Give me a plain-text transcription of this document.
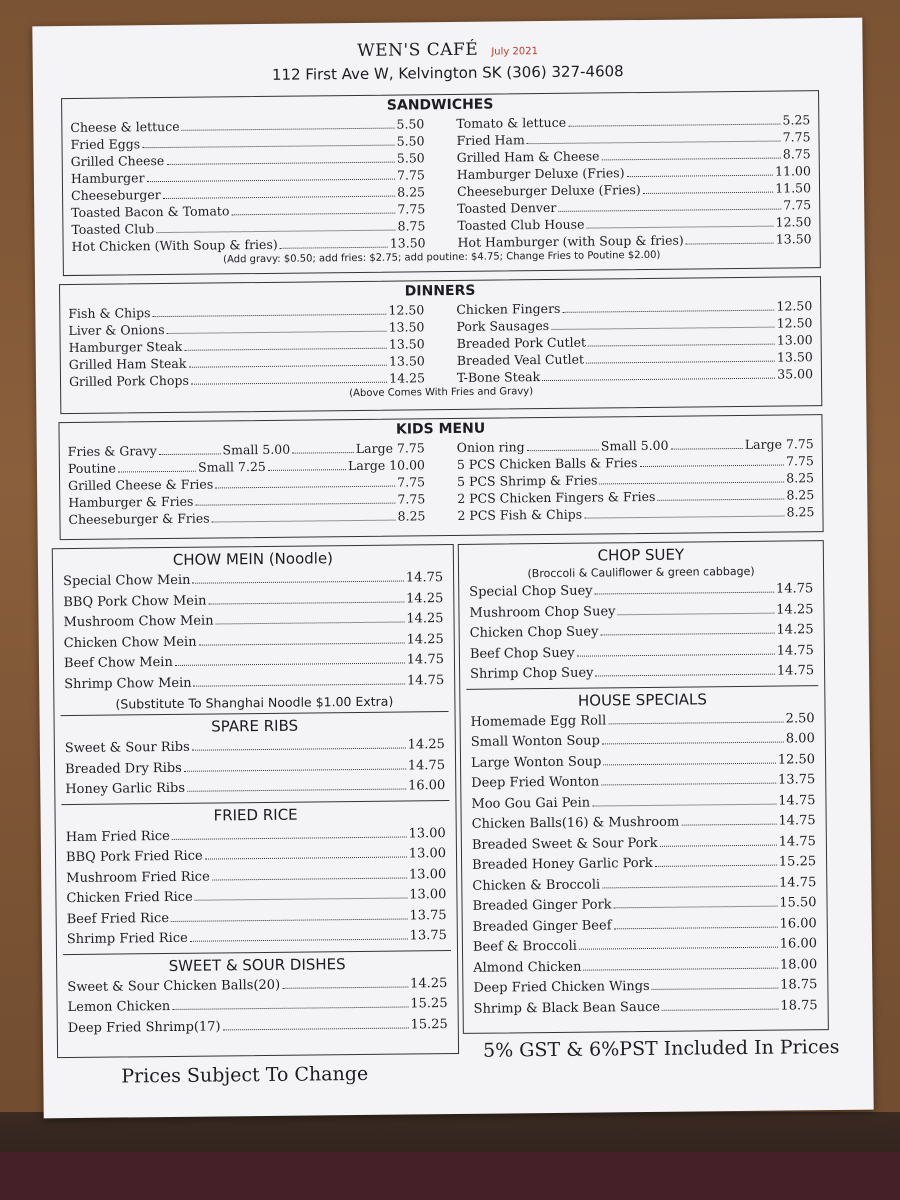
WEN'S CAFÉ July 2021
112 First Ave W, Kelvington SK (306) 327-4608
SANDWICHES
Cheese & lettuce	5.50
Fried Eggs	5.50
Grilled Cheese	5.50
Hamburger	7.75
Cheeseburger	8.25
Toasted Bacon & Tomato	7.75
Toasted Club	8.75
Hot Chicken (With Soup & fries)	13.50
Tomato & lettuce	5.25
Fried Ham	7.75
Grilled Ham & Cheese	8.75
Hamburger Deluxe (Fries)	11.00
Cheeseburger Deluxe (Fries)	11.50
Toasted Denver	7.75
Toasted Club House	12.50
Hot Hamburger (with Soup & fries)	13.50
(Add gravy: $0.50; add fries: $2.75; add poutine: $4.75; Change Fries to Poutine $2.00)
DINNERS
Fish & Chips	12.50
Liver & Onions	13.50
Hamburger Steak	13.50
Grilled Ham Steak	13.50
Grilled Pork Chops	14.25
Chicken Fingers	12.50
Pork Sausages	12.50
Breaded Pork Cutlet	13.00
Breaded Veal Cutlet	13.50
T-Bone Steak	35.00
(Above Comes With Fries and Gravy)
KIDS MENU
Fries & Gravy	Small 5.00	Large 7.75
Poutine	Small 7.25	Large 10.00
Grilled Cheese & Fries	7.75
Hamburger & Fries	7.75
Cheeseburger & Fries	8.25
Onion ring	Small 5.00	Large 7.75
5 PCS Chicken Balls & Fries	7.75
5 PCS Shrimp & Fries	8.25
2 PCS Chicken Fingers & Fries	8.25
2 PCS Fish & Chips	8.25
CHOW MEIN (Noodle)
Special Chow Mein	14.75
BBQ Pork Chow Mein	14.25
Mushroom Chow Mein	14.25
Chicken Chow Mein	14.25
Beef Chow Mein	14.75
Shrimp Chow Mein	14.75
(Substitute To Shanghai Noodle $1.00 Extra)
SPARE RIBS
Sweet & Sour Ribs	14.25
Breaded Dry Ribs	14.75
Honey Garlic Ribs	16.00
FRIED RICE
Ham Fried Rice	13.00
BBQ Pork Fried Rice	13.00
Mushroom Fried Rice	13.00
Chicken Fried Rice	13.00
Beef Fried Rice	13.75
Shrimp Fried Rice	13.75
SWEET & SOUR DISHES
Sweet & Sour Chicken Balls(20)	14.25
Lemon Chicken	15.25
Deep Fried Shrimp(17)	15.25
CHOP SUEY
(Broccoli & Cauliflower & green cabbage)
Special Chop Suey	14.75
Mushroom Chop Suey	14.25
Chicken Chop Suey	14.25
Beef Chop Suey	14.75
Shrimp Chop Suey	14.75
HOUSE SPECIALS
Homemade Egg Roll	2.50
Small Wonton Soup	8.00
Large Wonton Soup	12.50
Deep Fried Wonton	13.75
Moo Gou Gai Pein	14.75
Chicken Balls(16) & Mushroom	14.75
Breaded Sweet & Sour Pork	14.75
Breaded Honey Garlic Pork	15.25
Chicken & Broccoli	14.75
Breaded Ginger Pork	15.50
Breaded Ginger Beef	16.00
Beef & Broccoli	16.00
Almond Chicken	18.00
Deep Fried Chicken Wings	18.75
Shrimp & Black Bean Sauce	18.75
Prices Subject To Change
5% GST & 6%PST Included In Prices
